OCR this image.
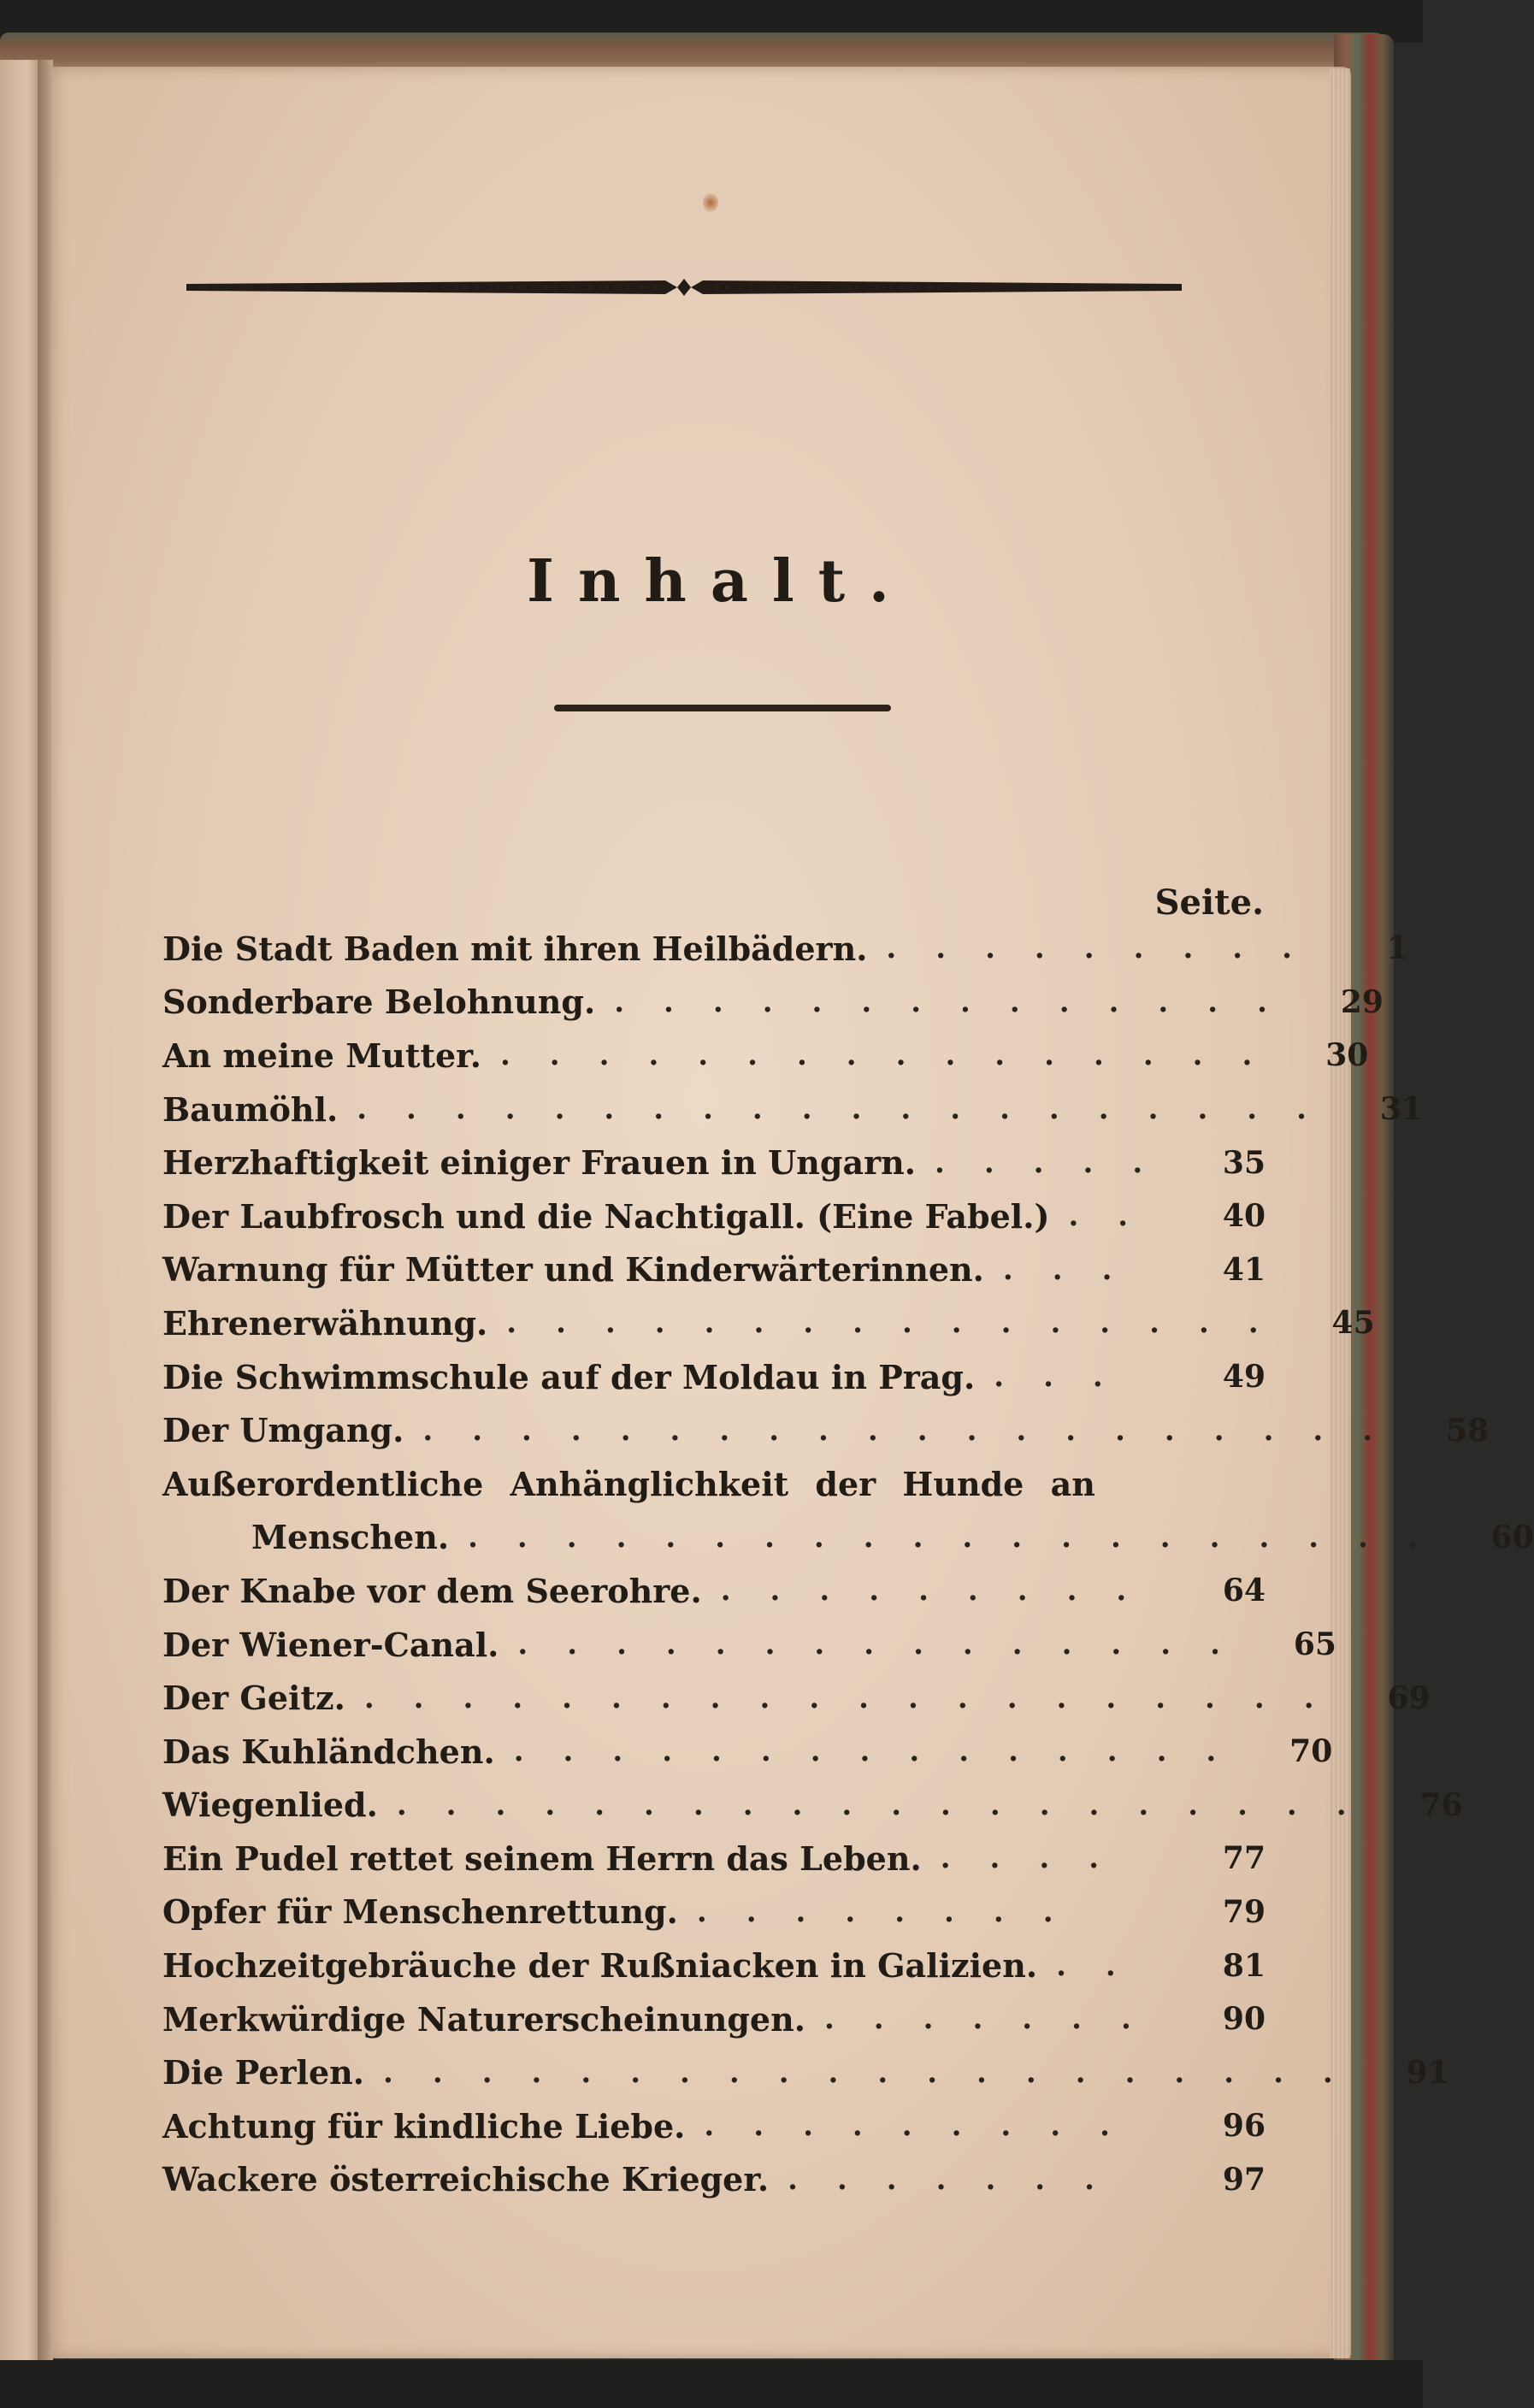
Inhalt.
Seite.
Die Stadt Baden mit ihren Heilbädern. .........	1
Sonderbare Belohnung. ..............	29
An meine Mutter. ................	30
Baumöhl. ....................	31
Herzhaftigkeit einiger Frauen in Ungarn. .....	35
Der Laubfrosch und die Nachtigall. (Eine Fabel.) ..	40
Warnung für Mütter und Kinderwärterinnen. ...	41
Ehrenerwähnung. ................	45
Die Schwimmschule auf der Moldau in Prag. ...	49
Der Umgang. ....................	58
Außerordentliche Anhänglichkeit der Hunde an
Menschen. ....................	60
Der Knabe vor dem Seerohre. .........	64
Der Wiener-Canal. ...............	65
Der Geitz. ....................	69
Das Kuhländchen. ...............	70
Wiegenlied. ....................	76
Ein Pudel rettet seinem Herrn das Leben. ....	77
Opfer für Menschenrettung. ........	79
Hochzeitgebräuche der Rußniacken in Galizien. ..	81
Merkwürdige Naturerscheinungen. .......	90
Die Perlen. ....................	91
Achtung für kindliche Liebe. .........	96
Wackere österreichische Krieger. .......	97
